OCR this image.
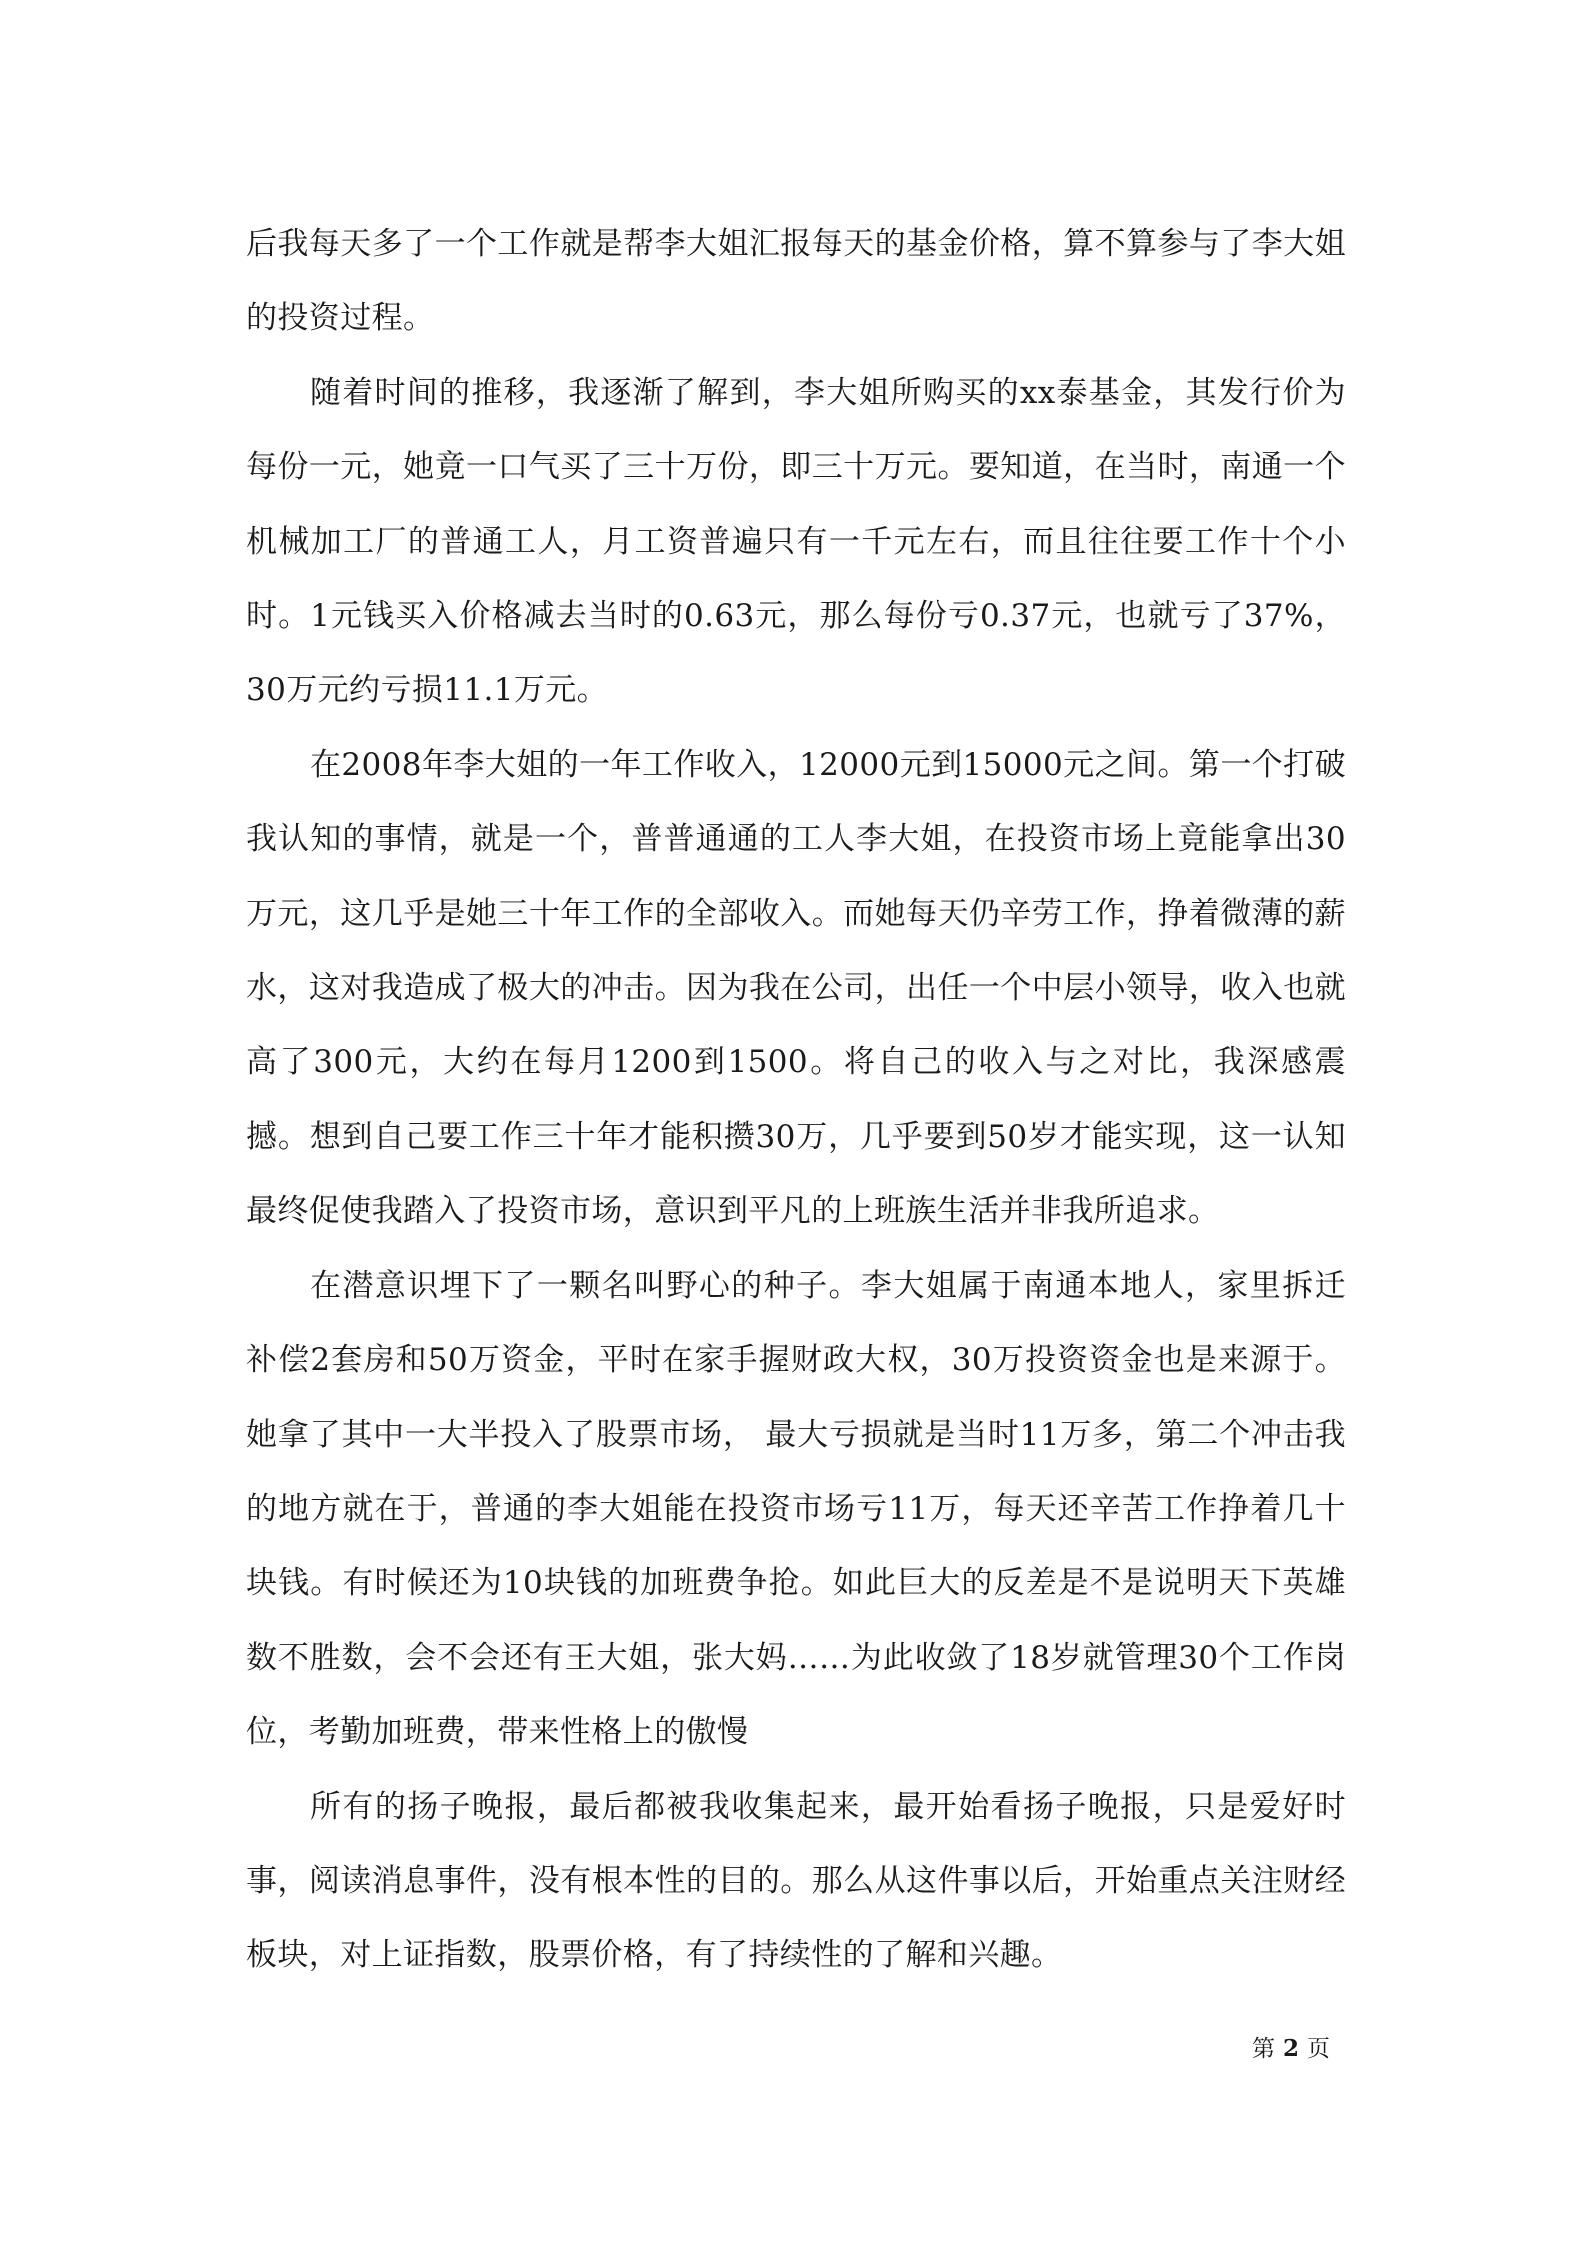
后我每天多了一个工作就是帮李大姐汇报每天的基金价格，算不算参与了李大姐的投资过程。

随着时间的推移，我逐渐了解到，李大姐所购买的xx泰基金，其发行价为每份一元，她竟一口气买了三十万份，即三十万元。要知道，在当时，南通一个机械加工厂的普通工人，月工资普遍只有一千元左右，而且往往要工作十个小时。1元钱买入价格减去当时的0.63元，那么每份亏0.37元，也就亏了37%，30万元约亏损11.1万元。

在2008年李大姐的一年工作收入，12000元到15000元之间。第一个打破我认知的事情，就是一个，普普通通的工人李大姐，在投资市场上竟能拿出30万元，这几乎是她三十年工作的全部收入。而她每天仍辛劳工作，挣着微薄的薪水，这对我造成了极大的冲击。因为我在公司，出任一个中层小领导，收入也就高了300元，大约在每月1200到1500。将自己的收入与之对比，我深感震撼。想到自己要工作三十年才能积攒30万，几乎要到50岁才能实现，这一认知最终促使我踏入了投资市场，意识到平凡的上班族生活并非我所追求。

在潜意识埋下了一颗名叫野心的种子。李大姐属于南通本地人，家里拆迁补偿2套房和50万资金，平时在家手握财政大权，30万投资资金也是来源于。她拿了其中一大半投入了股票市场， 最大亏损就是当时11万多，第二个冲击我的地方就在于，普通的李大姐能在投资市场亏11万，每天还辛苦工作挣着几十块钱。有时候还为10块钱的加班费争抢。如此巨大的反差是不是说明天下英雄数不胜数，会不会还有王大姐，张大妈……为此收敛了18岁就管理30个工作岗位，考勤加班费，带来性格上的傲慢

所有的扬子晚报，最后都被我收集起来，最开始看扬子晚报，只是爱好时事，阅读消息事件，没有根本性的目的。那么从这件事以后，开始重点关注财经板块，对上证指数，股票价格，有了持续性的了解和兴趣。

第 2 页
